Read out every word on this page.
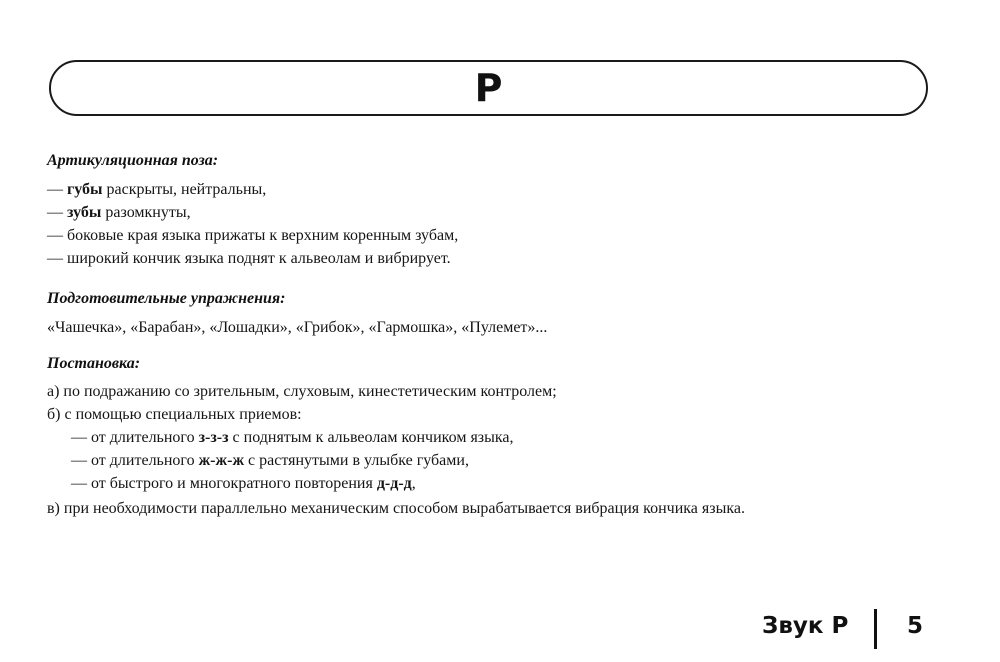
Р
Артикуляционная поза:
— губы раскрыты, нейтральны,
— зубы разомкнуты,
— боковые края языка прижаты к верхним коренным зубам,
— широкий кончик языка поднят к альвеолам и вибрирует.
Подготовительные упражнения:
«Чашечка», «Барабан», «Лошадки», «Грибок», «Гармошка», «Пулемет»...
Постановка:
а) по подражанию со зрительным, слуховым, кинестетическим контролем;
б) с помощью специальных приемов:
— от длительного з-з-з с поднятым к альвеолам кончиком языка,
— от длительного ж-ж-ж с растянутыми в улыбке губами,
— от быстрого и многократного повторения д-д-д,
в) при необходимости параллельно механическим способом вырабатывается вибрация кончика языка.
Звук Р	5
